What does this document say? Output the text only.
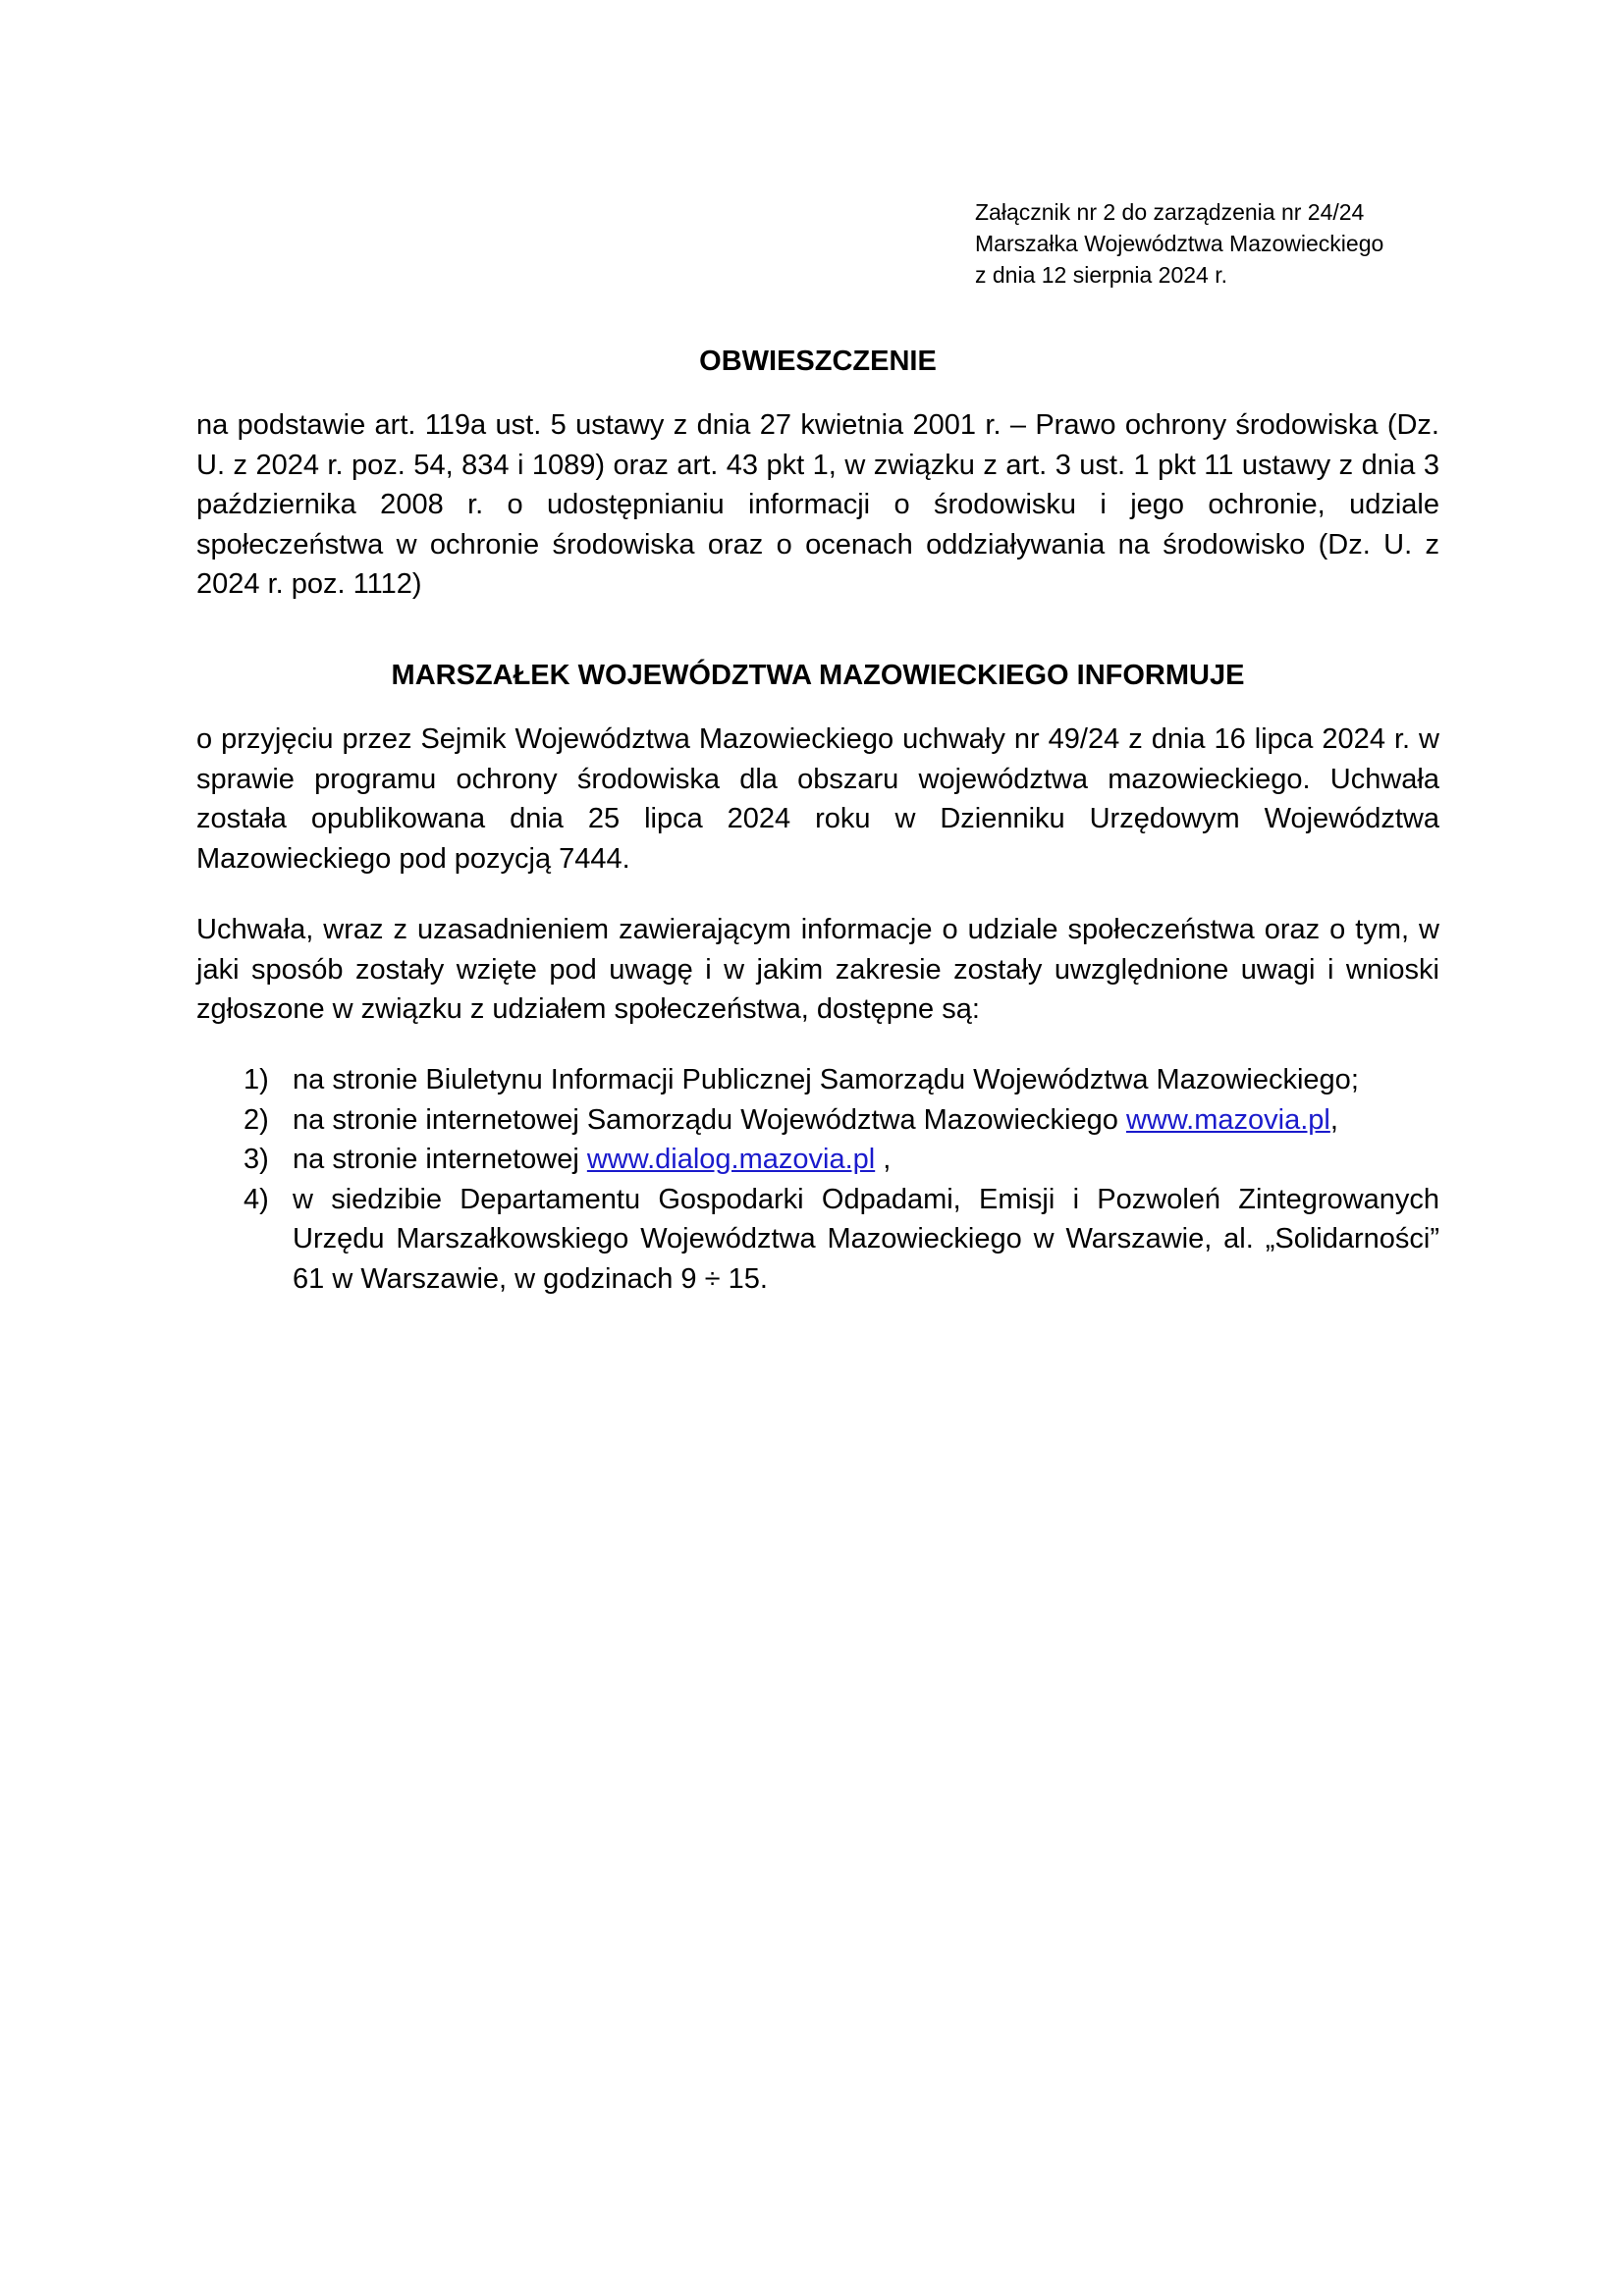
Załącznik nr 2 do zarządzenia nr 24/24
Marszałka Województwa Mazowieckiego
z dnia 12 sierpnia 2024 r.
OBWIESZCZENIE
na podstawie art. 119a ust. 5 ustawy z dnia 27 kwietnia 2001 r. – Prawo ochrony środowiska (Dz. U. z 2024 r. poz. 54, 834 i 1089) oraz art. 43 pkt 1, w związku z art. 3 ust. 1 pkt 11 ustawy z dnia 3 października 2008 r. o udostępnianiu informacji o środowisku i jego ochronie, udziale społeczeństwa w ochronie środowiska oraz o ocenach oddziaływania na środowisko (Dz. U. z 2024 r. poz. 1112)
MARSZAŁEK WOJEWÓDZTWA MAZOWIECKIEGO INFORMUJE
o przyjęciu przez Sejmik Województwa Mazowieckiego uchwały nr 49/24 z dnia 16 lipca 2024 r. w sprawie programu ochrony środowiska dla obszaru województwa mazowieckiego. Uchwała została opublikowana dnia 25 lipca 2024 roku w Dzienniku Urzędowym Województwa Mazowieckiego pod pozycją 7444.
Uchwała, wraz z uzasadnieniem zawierającym informacje o udziale społeczeństwa oraz o tym, w jaki sposób zostały wzięte pod uwagę i w jakim zakresie zostały uwzględnione uwagi i wnioski zgłoszone w związku z udziałem społeczeństwa, dostępne są:
1) na stronie Biuletynu Informacji Publicznej Samorządu Województwa Mazowieckiego;
2) na stronie internetowej Samorządu Województwa Mazowieckiego www.mazovia.pl,
3) na stronie internetowej www.dialog.mazovia.pl ,
4) w siedzibie Departamentu Gospodarki Odpadami, Emisji i Pozwoleń Zintegrowanych Urzędu Marszałkowskiego Województwa Mazowieckiego w Warszawie, al. „Solidarności” 61 w Warszawie, w godzinach 9 ÷ 15.
